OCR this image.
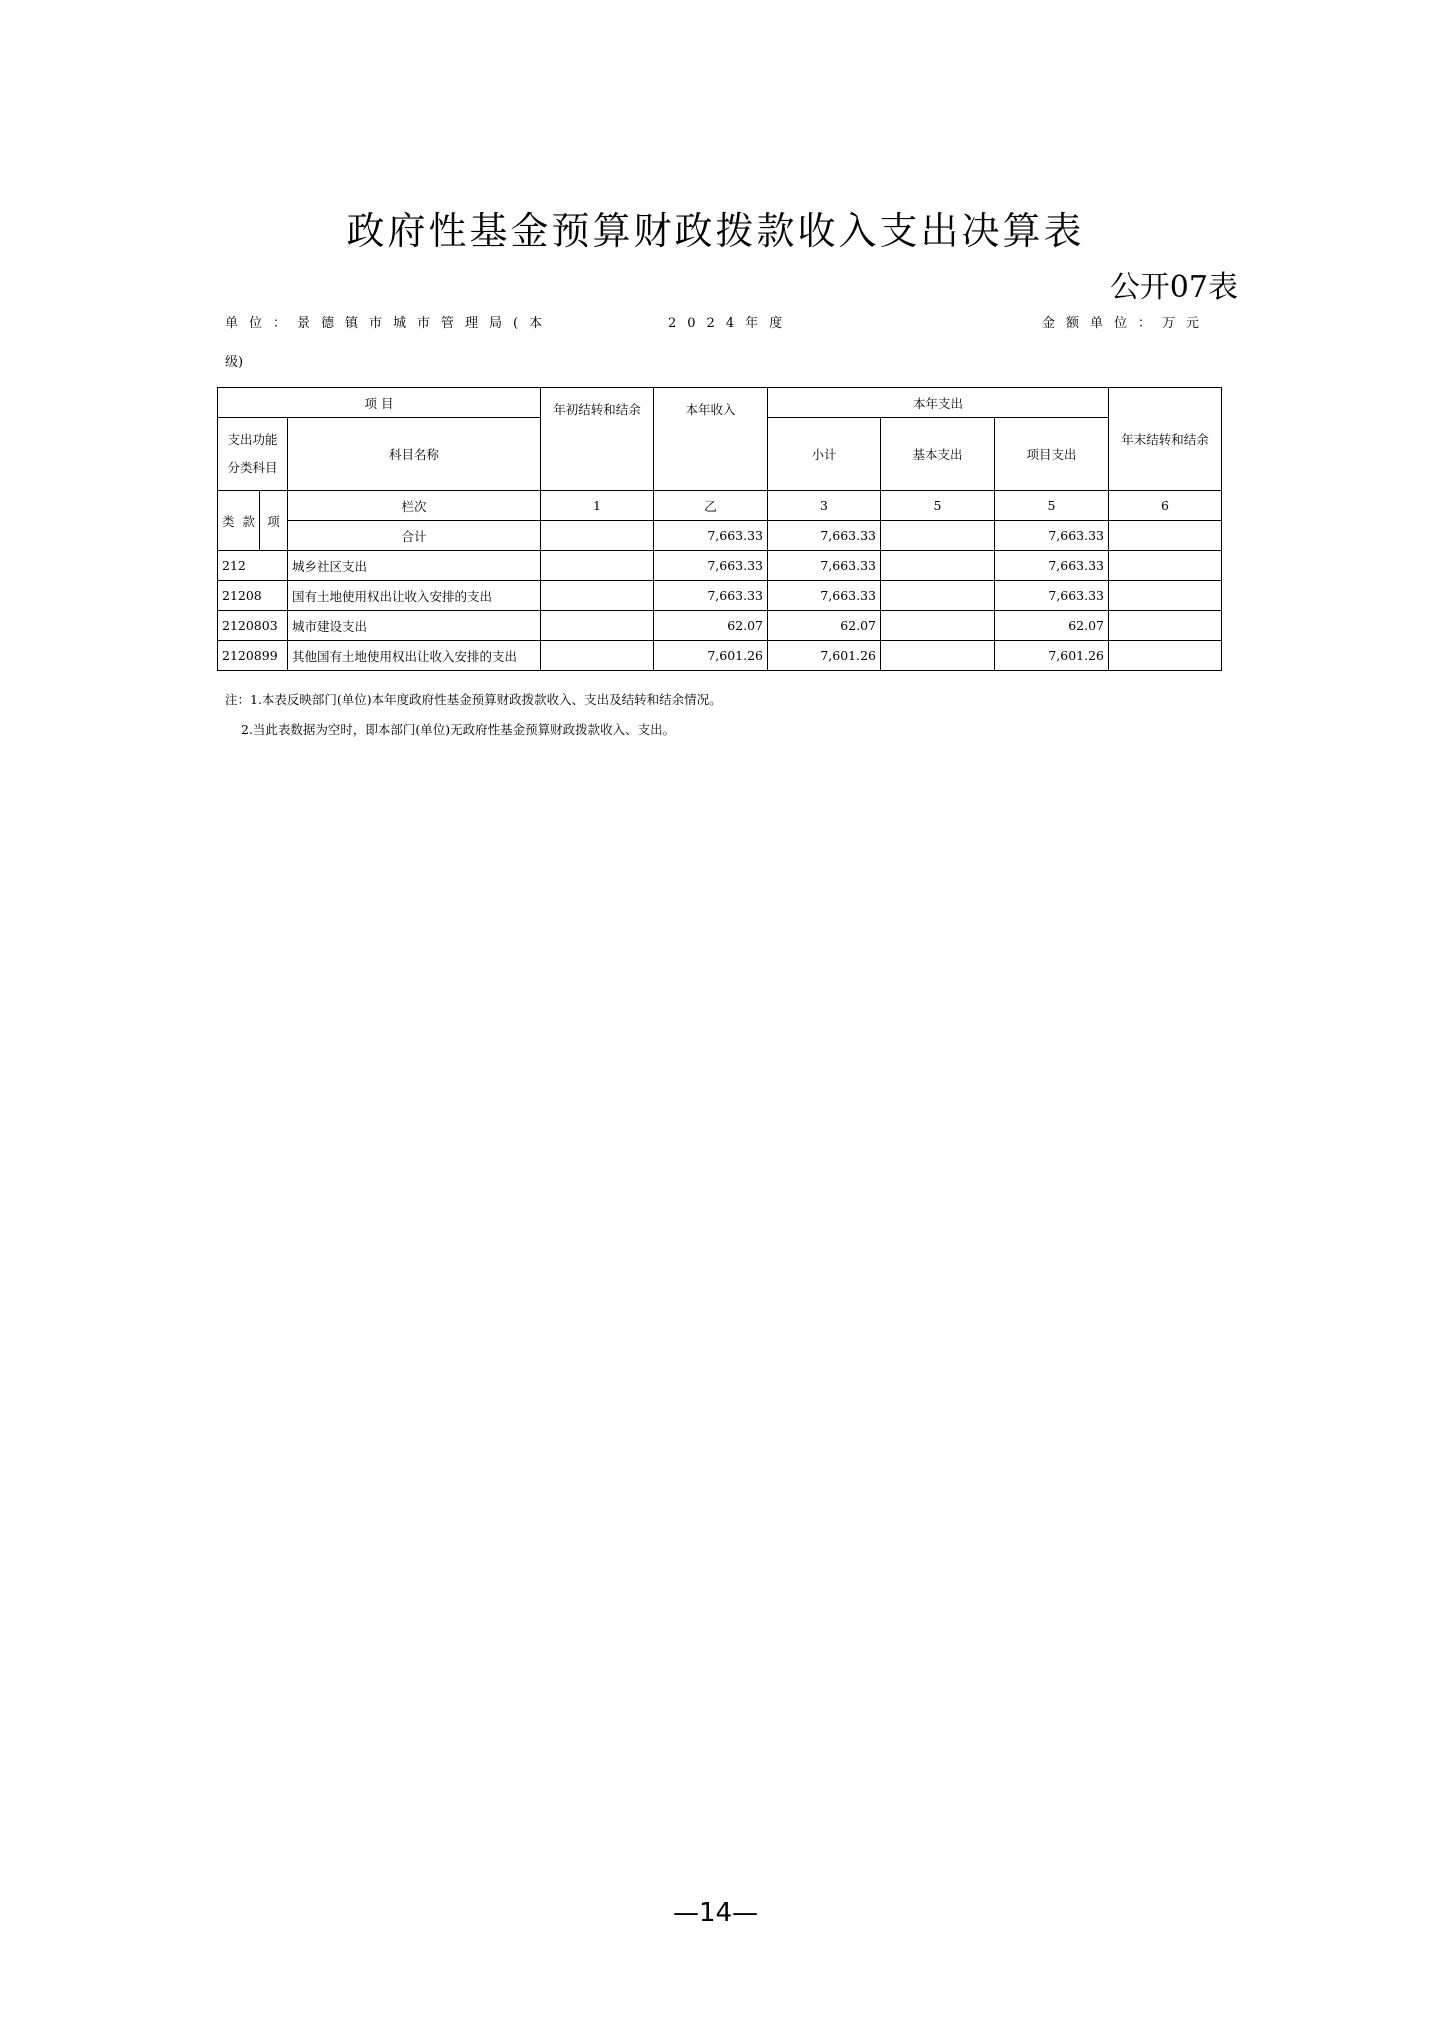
政府性基金预算财政拨款收入支出决算表
公开07表
单位：景德镇市城市管理局(本
级)
2024年度	金额单位：万元
项 目			年初结转和结余	本年收入	本年支出			年末结转和结余

支出功能
分类科目		科目名称			小计	基本支出	项目支出	
类 款	项	栏次	1	乙	3	5	5	6
		合计		7,663.33	7,663.33		7,663.33	
212		城乡社区支出		7,663.33	7,663.33		7,663.33	
21208		国有土地使用权出让收入安排的支出		7,663.33	7,663.33		7,663.33	
2120803		城市建设支出		62.07	62.07		62.07	
2120899		其他国有土地使用权出让收入安排的支出		7,601.26	7,601.26		7,601.26	
注：1.本表反映部门(单位)本年度政府性基金预算财政拨款收入、支出及结转和结余情况。
2.当此表数据为空时，即本部门(单位)无政府性基金预算财政拨款收入、支出。
—14—
